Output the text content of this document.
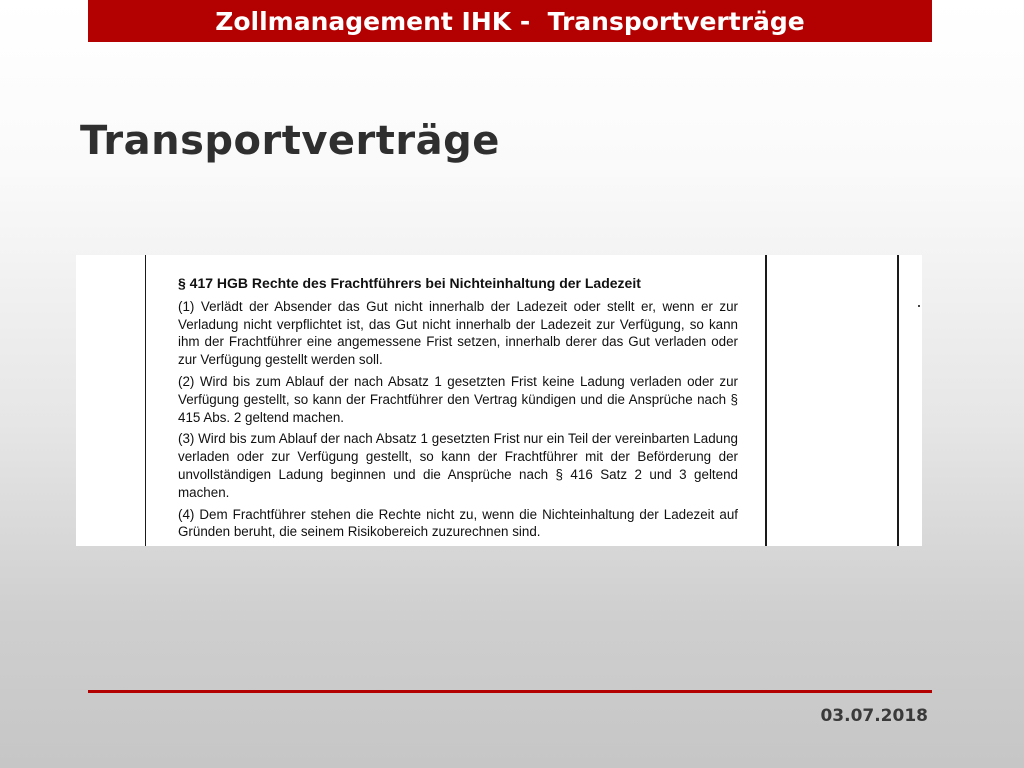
Zollmanagement IHK -  Transportverträge
Transportverträge
§ 417 HGB Rechte des Frachtführers bei Nichteinhaltung der Ladezeit

(1) Verlädt der Absender das Gut nicht innerhalb der Ladezeit oder stellt er, wenn er zur Verladung nicht verpflichtet ist, das Gut nicht innerhalb der Ladezeit zur Verfügung, so kann ihm der Frachtführer eine angemessene Frist setzen, innerhalb derer das Gut verladen oder zur Verfügung gestellt werden soll.

(2) Wird bis zum Ablauf der nach Absatz 1 gesetzten Frist keine Ladung verladen oder zur Verfügung gestellt, so kann der Frachtführer den Vertrag kündigen und die Ansprüche nach § 415 Abs. 2 geltend machen.

(3) Wird bis zum Ablauf der nach Absatz 1 gesetzten Frist nur ein Teil der vereinbarten Ladung verladen oder zur Verfügung gestellt, so kann der Frachtführer mit der Beförderung der unvollständigen Ladung beginnen und die Ansprüche nach § 416 Satz 2 und 3 geltend machen.

(4) Dem Frachtführer stehen die Rechte nicht zu, wenn die Nichteinhaltung der Ladezeit auf Gründen beruht, die seinem Risikobereich zuzurechnen sind.

03.07.2018
